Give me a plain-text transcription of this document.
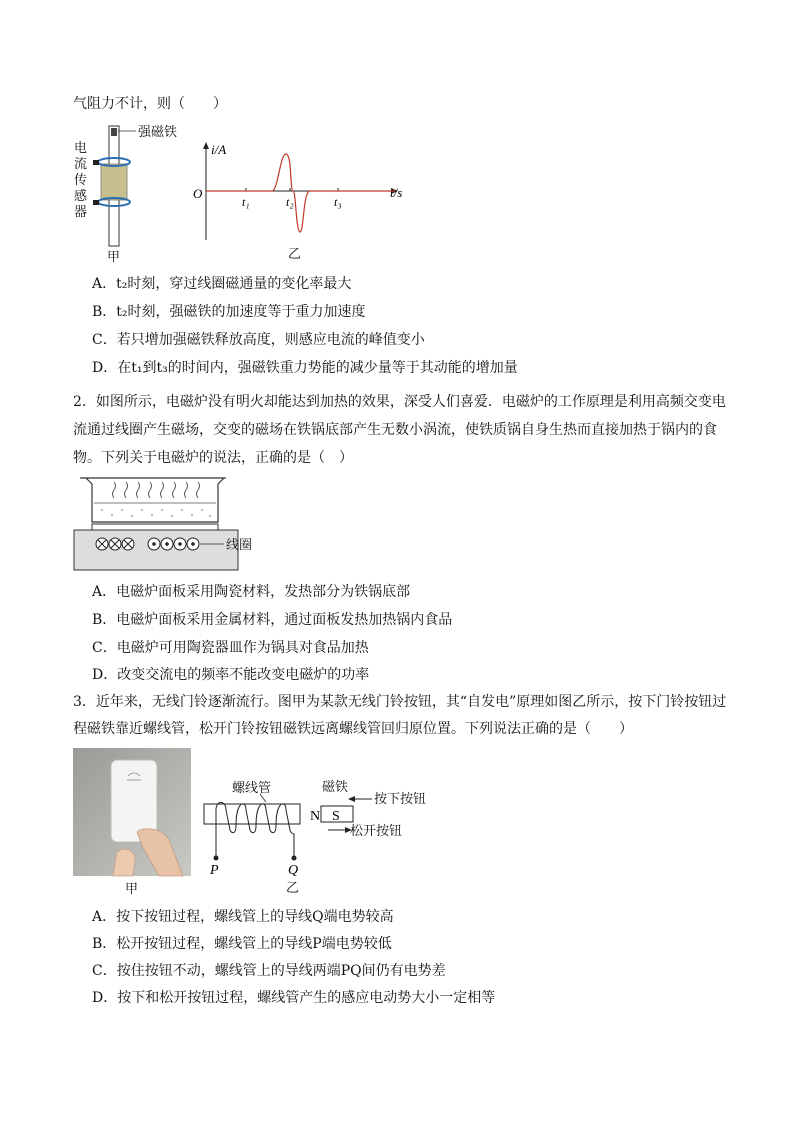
气阻力不计，则（　　）
强磁铁
电
流
传
感
器
甲
i/A
O	t/s
t₁	t₂	t₃
乙
A．t₂时刻，穿过线圈磁通量的变化率最大
B．t₂时刻，强磁铁的加速度等于重力加速度
C．若只增加强磁铁释放高度，则感应电流的峰值变小
D．在t₁到t₃的时间内，强磁铁重力势能的减少量等于其动能的增加量
2．如图所示，电磁炉没有明火却能达到加热的效果，深受人们喜爱．电磁炉的工作原理是利用高频交变电
流通过线圈产生磁场，交变的磁场在铁锅底部产生无数小涡流，使铁质锅自身生热而直接加热于锅内的食
物。下列关于电磁炉的说法，正确的是（　）
线圈
A．电磁炉面板采用陶瓷材料，发热部分为铁锅底部
B．电磁炉面板采用金属材料，通过面板发热加热锅内食品
C．电磁炉可用陶瓷器皿作为锅具对食品加热
D．改变交流电的频率不能改变电磁炉的功率
3．近年来，无线门铃逐渐流行。图甲为某款无线门铃按钮，其“自发电”原理如图乙所示，按下门铃按钮过
程磁铁靠近螺线管，松开门铃按钮磁铁远离螺线管回归原位置。下列说法正确的是（　　）
甲
螺线管
P	Q
N S
磁铁
按下按钮
松开按钮
乙
A．按下按钮过程，螺线管上的导线Q端电势较高
B．松开按钮过程，螺线管上的导线P端电势较低
C．按住按钮不动，螺线管上的导线两端PQ间仍有电势差
D．按下和松开按钮过程，螺线管产生的感应电动势大小一定相等
